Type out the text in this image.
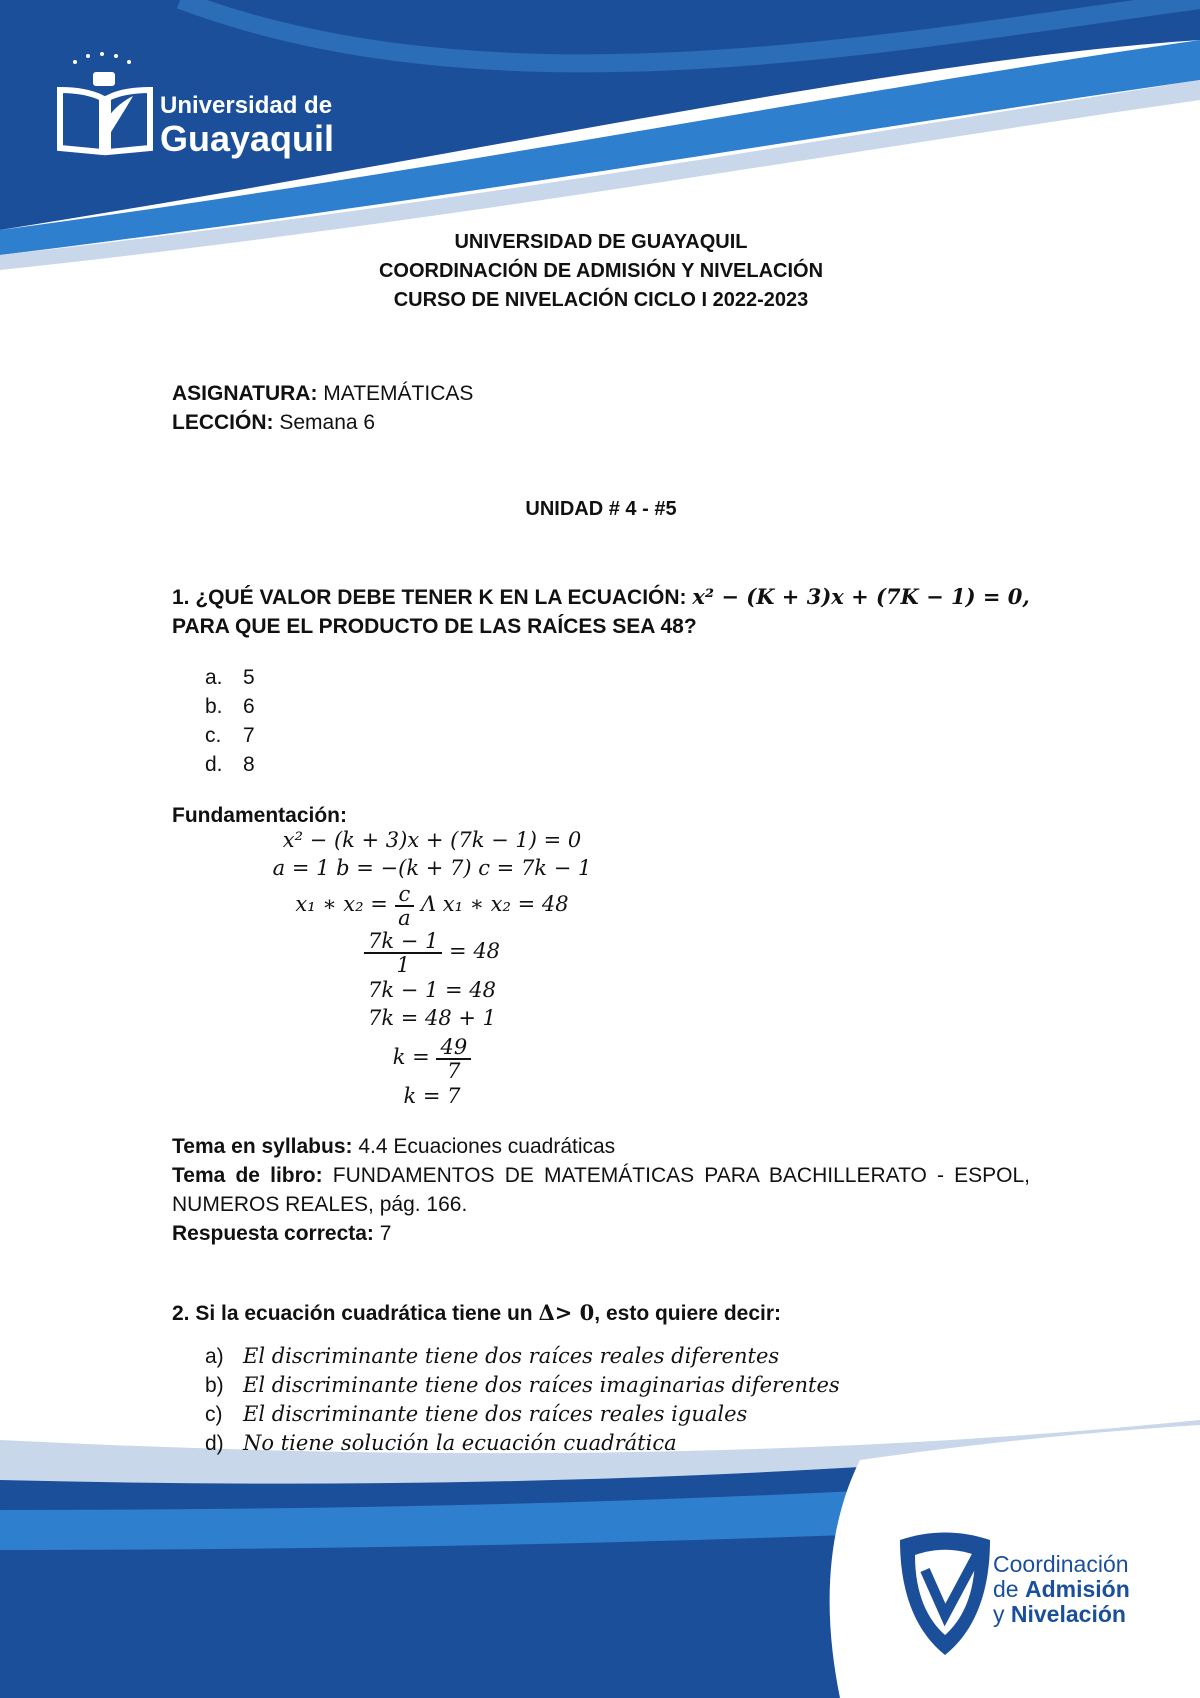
Universidad de
Guayaquil
Coordinación
de Admisión
y Nivelación
UNIVERSIDAD DE GUAYAQUIL
COORDINACIÓN DE ADMISIÓN Y NIVELACIÓN
CURSO DE NIVELACIÓN CICLO I 2022-2023
ASIGNATURA: MATEMÁTICAS
LECCIÓN: Semana 6
UNIDAD # 4 - #5
1. ¿QUÉ VALOR DEBE TENER K EN LA ECUACIÓN: x² − (K + 3)x + (7K − 1) = 0,
PARA QUE EL PRODUCTO DE LAS RAÍCES SEA 48?
a. 5
b. 6
c. 7
d. 8
Fundamentación:
x² − (k + 3)x + (7k − 1) = 0
a = 1 b = −(k + 7) c = 7k − 1
x₁ ∗ $x_2 = \frac{c}{a}$ Λ x₁ ∗ x₂ = 48
$\frac{7k - 1}{1} = 48$
7k − 1 = 48
7k = 48 + 1
$k = \frac{49}{7}$
k = 7
Tema en syllabus: 4.4 Ecuaciones cuadráticas
Tema de libro: FUNDAMENTOS DE MATEMÁTICAS PARA BACHILLERATO - ESPOL,
NUMEROS REALES, pág. 166.
Respuesta correcta: 7
2. Si la ecuación cuadrática tiene un Δ> 0, esto quiere decir:
a) El discriminante tiene dos raíces reales diferentes
b) El discriminante tiene dos raíces imaginarias diferentes
c) El discriminante tiene dos raíces reales iguales
d) No tiene solución la ecuación cuadrática
